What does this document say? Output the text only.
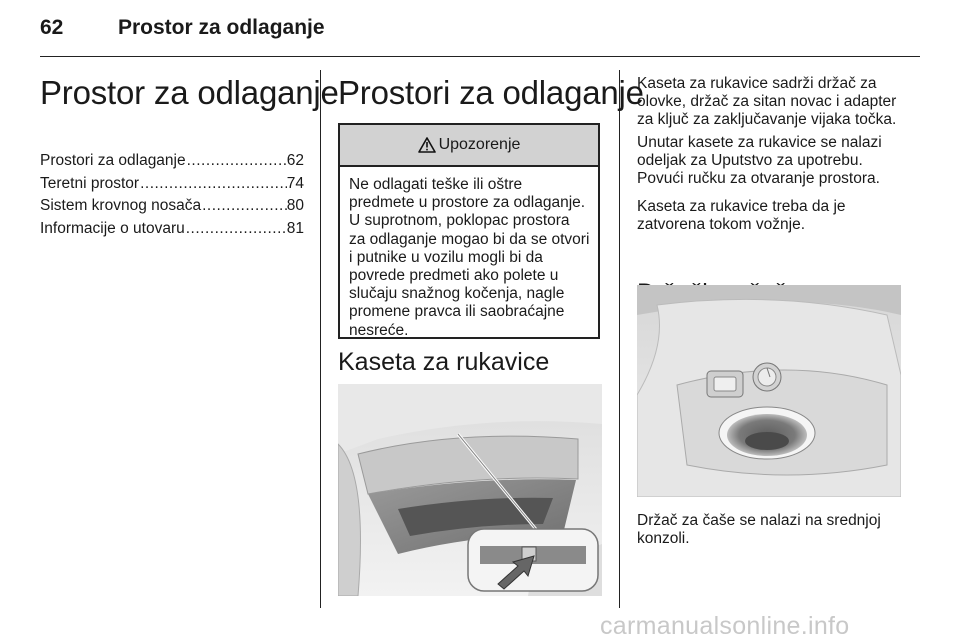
62	Prostor za odlaganje
Prostor za odlaganje
Prostori za odlaganje .....	62
Teretni prostor .....	74
Sistem krovnog nosača .....	80
Informacije o utovaru .....	81
Prostori za odlaganje
Upozorenje
Ne odlagati teške ili oštre predmete u prostore za odlaganje. U suprotnom, poklopac prostora za odlaganje mogao bi da se otvori i putnike u vozilu mogli bi da povrede predmeti ako polete u slučaju snažnog kočenja, nagle promene pravca ili saobraćajne nesreće.
Kaseta za rukavice

Kaseta za rukavice sadrži držač za olovke, držač za sitan novac i adapter za ključ za zaključavanje vijaka točka.

Unutar kasete za rukavice se nalazi odeljak za Uputstvo za upotrebu. Povući ručku za otvaranje prostora.

Kaseta za rukavice treba da je zatvorena tokom vožnje.

Držač za čaše se nalazi na srednjoj konzoli.

carmanualsonline.info
